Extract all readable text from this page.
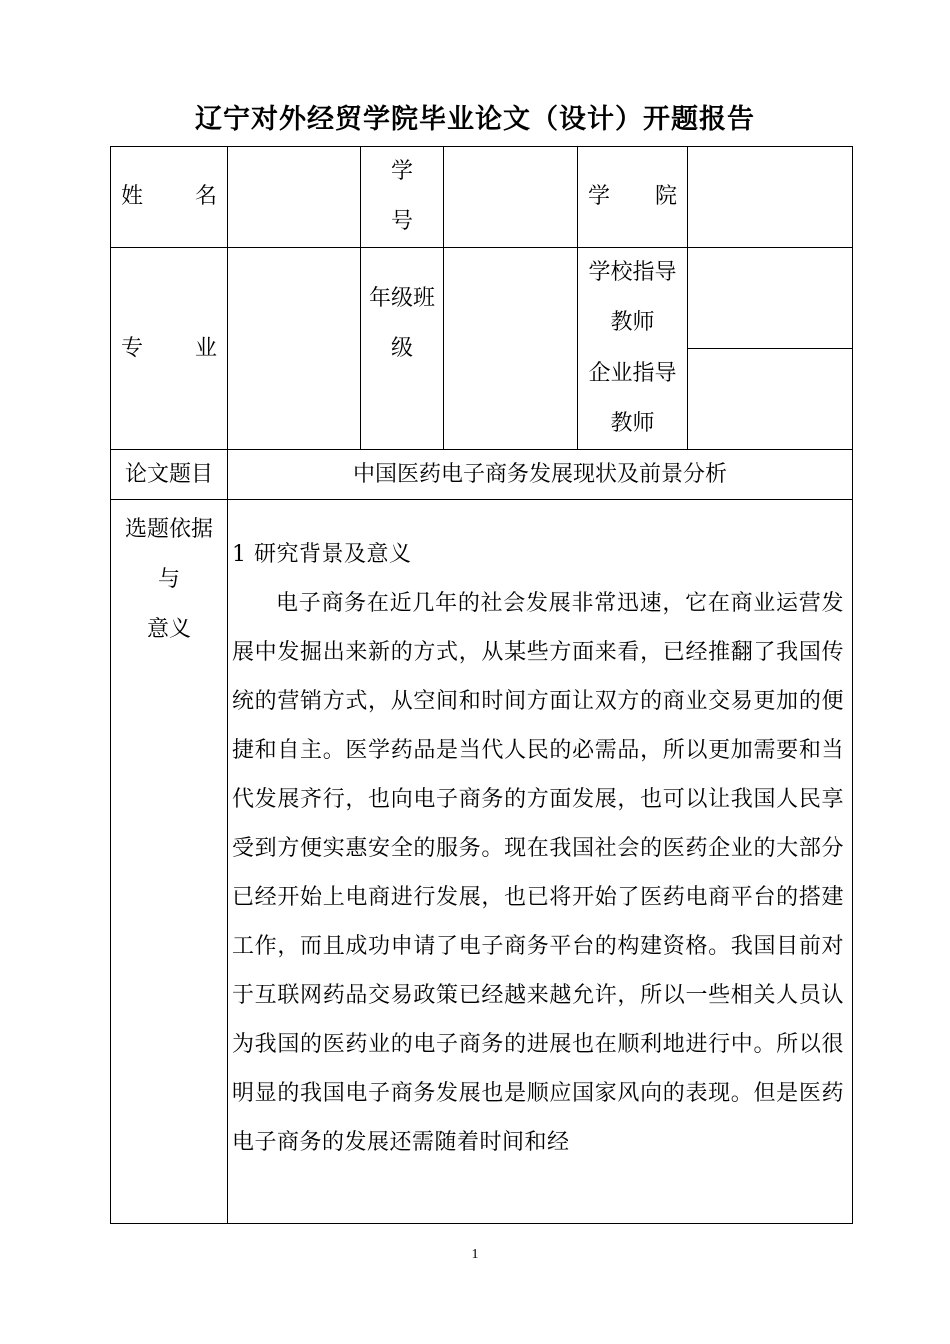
辽宁对外经贸学院毕业论文（设计）开题报告
姓 名
学
号
学 院
专 业
年级班
级
学校指导
教师
企业指导
教师
论文题目	中国医药电子商务发展现状及前景分析
选题依据
与
意义

1 研究背景及意义

电子商务在近几年的社会发展非常迅速，它在商业运营发展中发掘出来新的方式，从某些方面来看，已经推翻了我国传统的营销方式，从空间和时间方面让双方的商业交易更加的便捷和自主。医学药品是当代人民的必需品，所以更加需要和当代发展齐行，也向电子商务的方面发展，也可以让我国人民享受到方便实惠安全的服务。现在我国社会的医药企业的大部分已经开始上电商进行发展，也已将开始了医药电商平台的搭建工作，而且成功申请了电子商务平台的构建资格。我国目前对于互联网药品交易政策已经越来越允许，所以一些相关人员认为我国的医药业的电子商务的进展也在顺利地进行中。所以很明显的我国电子商务发展也是顺应国家风向的表现。但是医药电子商务的发展还需随着时间和经

1
